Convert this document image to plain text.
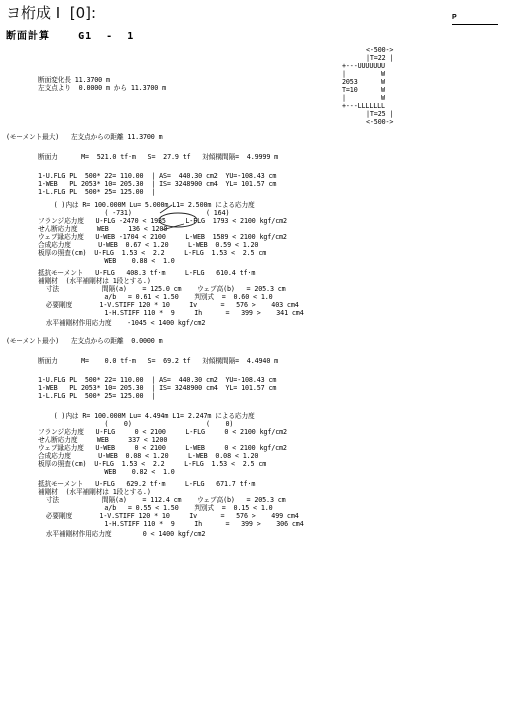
ヨ桁成 I  [0]:	P
断面計算    G1  -  1
<-500->
|T=22 |
+---UUUUUUU
|         W
2053      W
T=10      W
|         W
+---LLLLLLL
|T=25 |
<-500->
断面変化長 11.3700 m
左支点より  0.0000 m から 11.3700 m
(モーメント最大)   左支点からの距離 11.3700 m
断面力      M=  521.0 tf·m   S=  27.9 tf   対傾構間隔=  4.9999 m
1-U.FLG PL  500* 22= 110.00  | AS=  440.30 cm2  YU=-108.43 cm
1-WEB   PL 2053* 10= 205.30  | IS= 3248900 cm4  YL= 101.57 cm
1-L.FLG PL  500* 25= 125.00  |
( )内は R= 100.000M Lu= 5.000m L1= 2.500m による応力度
( -731)                   ( 164)
フランジ応力度   U-FLG -2470 < 1935     L-FLG  1793 < 2100 kgf/cm2
せん断応力度     WEB     136 < 1200
ウェブ縁応力度   U-WEB -1704 < 2100     L-WEB  1589 < 2100 kgf/cm2
合成応力度       U-WEB  0.67 < 1.20     L-WEB  0.59 < 1.20
板厚の照査(cm)  U-FLG  1.53 <  2.2     L-FLG  1.53 <  2.5 cm
WEB    0.88 <  1.0
抵抗モーメント   U-FLG   408.3 tf·m     L-FLG   610.4 tf·m
補剛材  (水平補剛材は 1段とする.)
寸法           間隔(a)    = 125.0 cm    ウェブ高(b)   = 205.3 cm
a/b   = 0.61 < 1.50    判別式  =  0.60 < 1.0
必要剛度       1-V.STIFF 120 * 10     Iv      =   576 >    403 cm4
1-H.STIFF 110 *  9     Ih      =   399 >    341 cm4
水平補剛材作用応力度    -1045 < 1400 kgf/cm2
(モーメント最小)   左支点からの距離  0.0000 m
断面力      M=    0.0 tf·m   S=  69.2 tf   対傾構間隔=  4.4940 m
1-U.FLG PL  500* 22= 110.00  | AS=  440.30 cm2  YU=-108.43 cm
1-WEB   PL 2053* 10= 205.30  | IS= 3248900 cm4  YL= 101.57 cm
1-L.FLG PL  500* 25= 125.00  |
( )内は R= 100.000M Lu= 4.494m L1= 2.247m による応力度
(    0)                   (    0)
フランジ応力度   U-FLG     0 < 2100     L-FLG     0 < 2100 kgf/cm2
せん断応力度     WEB     337 < 1200
ウェブ縁応力度   U-WEB     0 < 2100     L-WEB     0 < 2100 kgf/cm2
合成応力度       U-WEB  0.08 < 1.20     L-WEB  0.08 < 1.20
板厚の照査(cm)  U-FLG  1.53 <  2.2     L-FLG  1.53 <  2.5 cm
WEB    0.82 <  1.0
抵抗モーメント   U-FLG   629.2 tf·m     L-FLG   671.7 tf·m
補剛材  (水平補剛材は 1段とする.)
寸法           間隔(a)    = 112.4 cm    ウェブ高(b)   = 205.3 cm
a/b   = 0.55 < 1.50    判別式  =  0.15 < 1.0
必要剛度       1-V.STIFF 120 * 10     Iv      =   576 >    499 cm4
1-H.STIFF 110 *  9     Ih      =   399 >    306 cm4
水平補剛材作用応力度        0 < 1400 kgf/cm2
